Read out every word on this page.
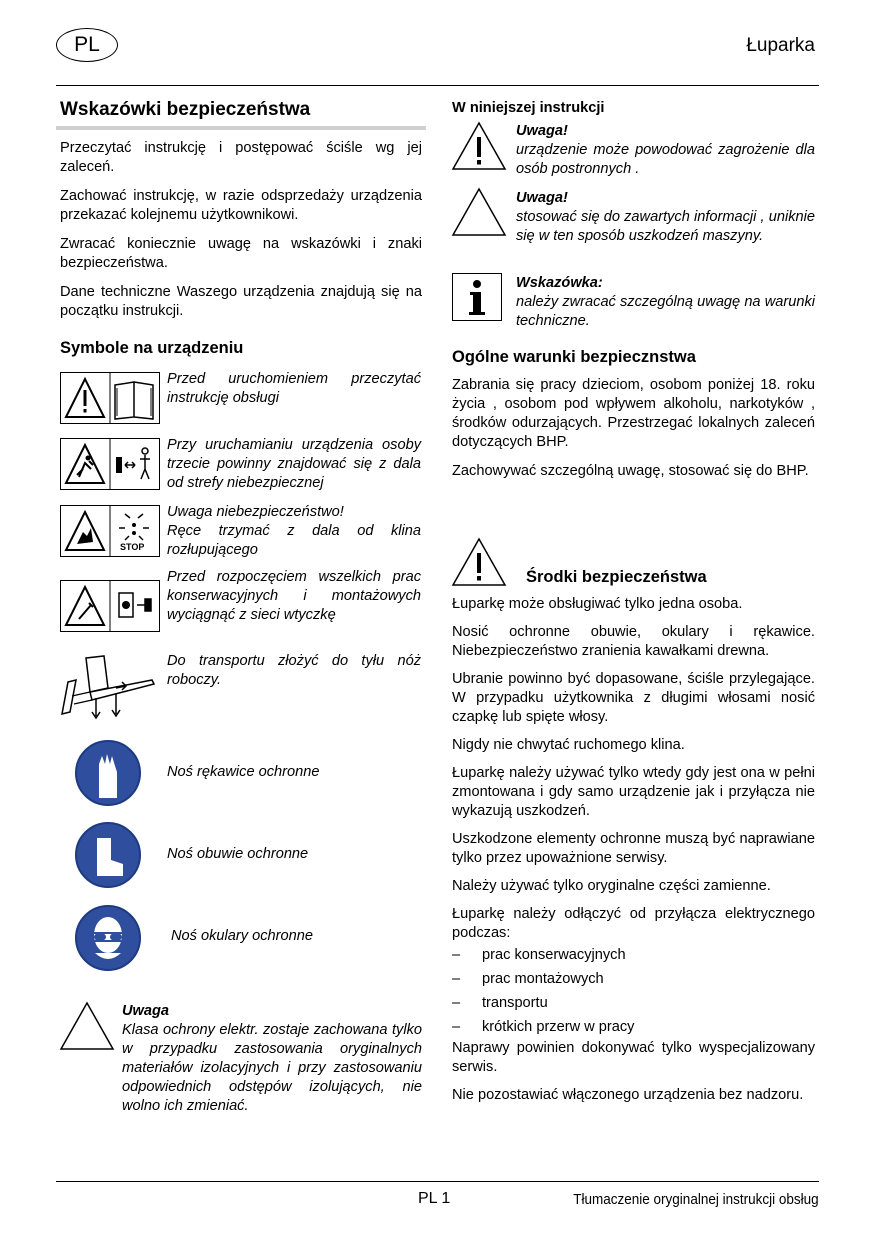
PL	Łuparka
Wskazówki bezpieczeństwa

Przeczytać instrukcję i postępować ściśle wg jej zaleceń.

Zachować instrukcję, w razie odsprzedaży urządzenia przekazać kolejnemu użytkownikowi.

Zwracać koniecznie uwagę na wskazówki i znaki bezpieczeństwa.

Dane techniczne Waszego urządzenia znajdują się na początku instrukcji.

Symbole na urządzeniu
Przed uruchomieniem przeczytać instrukcję obsługi
Przy uruchamianiu urządzenia osoby trzecie powinny znajdować się z dala od strefy niebezpiecznej
STOP
Uwaga niebezpieczeństwo!
Ręce trzymać z dala od klina rozłupującego
Przed rozpoczęciem wszelkich prac konserwacyjnych i montażowych wyciągnąć z sieci wtyczkę
Do transportu złożyć do tyłu nóż roboczy.
Noś rękawice ochronne
Noś obuwie ochronne
Noś okulary ochronne
Uwaga

Klasa ochrony elektr. zostaje zachowana tylko w przypadku zastosowania oryginalnych materiałów izolacyjnych i przy zastosowaniu odpowiednich odstępów izolujących, nie wolno ich zmieniać.

W niniejszej instrukcji
Uwaga!

urządzenie może powodować zagrożenie dla osób postronnych .

Uwaga!

stosować się do zawartych informacji , uniknie się w ten sposób uszkodzeń maszyny.

Wskazówka:

należy zwracać szczególną uwagę na warunki techniczne.

Ogólne warunki bezpiecznstwa

Zabrania się pracy dzieciom, osobom poniżej 18. roku życia , osobom pod wpływem alkoholu, narkotyków , środków odurzających. Przestrzegać lokalnych zaleceń dotyczących BHP.

Zachowywać szczególną uwagę, stosować się do BHP.

Środki bezpieczeństwa

Łuparkę może obsługiwać tylko jedna osoba.

Nosić ochronne obuwie, okulary i rękawice. Niebezpieczeństwo zranienia kawałkami drewna.

Ubranie powinno być dopasowane, ściśle przylegające. W przypadku użytkownika z długimi włosami nosić czapkę lub spięte włosy.

Nigdy nie chwytać ruchomego klina.

Łuparkę należy używać tylko wtedy gdy jest ona w pełni zmontowana i gdy samo urządzenie jak i przyłącza nie wykazują uszkodzeń.

Uszkodzone elementy ochronne muszą być naprawiane tylko przez upoważnione serwisy.

Należy używać tylko oryginalne części zamienne.

Łuparkę należy odłączyć od przyłącza elektrycznego podczas:

– prac konserwacyjnych
– prac montażowych
– transportu
– krótkich przerw w pracy

Naprawy powinien dokonywać tylko wyspecjalizowany serwis.

Nie pozostawiać włączonego urządzenia bez nadzoru.

PL 1	Tłumaczenie oryginalnej instrukcji obsług
